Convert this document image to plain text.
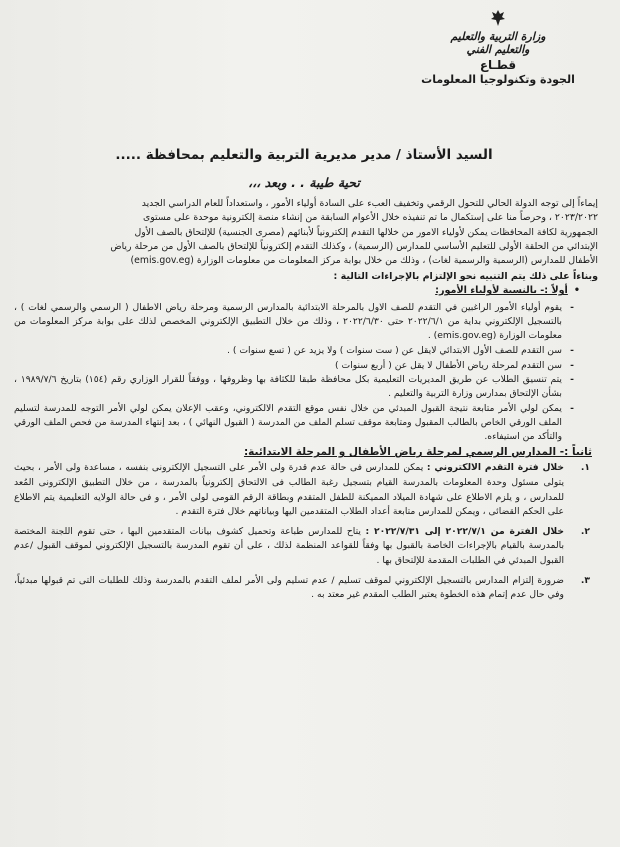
وزارة التربية والتعليم
والتعليم الفني
قطـاع
الجودة وتكنولوجيا المعلومات
السيد الأستاذ / مدير مديرية التربية والتعليم بمحافظة .....
تحية طيبة . . وبعد ،،،

إيماءاً إلى توجه الدولة الحالي للتحول الرقمي وتخفيف العبء على السادة أولياء الأمور ، واستعداداً للعام الدراسي الجديد

٢٠٢٣/٢٠٢٢ ، وحرصاً منا على إستكمال ما تم تنفيذه خلال الأعوام السابقة من إنشاء منصة إلكترونية موحدة على مستوى

الجمهورية لكافة المحافظات يمكن لأولياء الامور من خلالها التقدم إلكترونياً لأبنائهم (مصرى الجنسية) للإلتحاق بالصف الأول

الإبتدائي من الحلقة الأولى للتعليم الأساسي للمدارس (الرسمية) ، وكذلك التقدم إلكترونياً للإلتحاق بالصف الأول من مرحلة رياض

الأطفال للمدارس (الرسمية والرسمية لغات) ، وذلك من خلال بوابة مركز المعلومات من معلومات الوزارة (emis.gov.eg)

وبناءاً على ذلك يتم التنبيه نحو الإلتزام بالإجراءات التالية :
•أولاً :- بالنسبة لأولياء الأمور:
- يقوم أولياء الأمور الراغبين في التقدم للصف الاول بالمرحلة الابتدائية بالمدارس الرسمية ومرحلة رياض الاطفال ( الرسمي والرسمي لغات ) ، بالتسجيل الإلكتروني بداية من ٢٠٢٢/٦/١ حتى ٢٠٢٢/٦/٣٠ ، وذلك من خلال التطبيق الإلكتروني المخصص لذلك على بوابة مركز المعلومات من معلومات الوزارة (emis.gov.eg) .
- سن التقدم للصف الأول الابتدائي لايقل عن ( ست سنوات ) ولا يزيد عن ( تسع سنوات ) .
- سن التقدم لمرحلة رياض الأطفال لا يقل عن ( أربع سنوات )
- يتم تنسيق الطلاب عن طريق المديريات التعليمية بكل محافظة طبقا للكثافة بها وظروفها ، ووفقاً للقرار الوزاري رقم (١٥٤) بتاريخ ١٩٨٩/٧/٦ ، بشأن الإلتحاق بمدارس وزارة التربية والتعليم .
- يمكن لولي الأمر متابعة نتيجة القبول المبدئي من خلال نفس موقع التقدم الالكتروني، وعقب الإعلان يمكن لولي الأمر التوجه للمدرسة لتسليم الملف الورقي الخاص بالطالب المقبول ومتابعة موقف تسلم الملف من المدرسة ( القبول النهائي ) ، بعد إنتهاء المدرسة من فحص الملف الورقي والتأكد من استيفاءه.
ثانياً :- المدارس الرسمي لمرحلة رياض الأطفال و المرحلة الابتدائية:
١.
خلال فترة التقدم الالكتروني : يمكن للمدارس فى حالة عدم قدرة ولى الأمر على التسجيل الإلكترونى بنفسه ، مساعدة ولى الأمر ، بحيث يتولى مسئول وحدة المعلومات بالمدرسة القيام بتسجيل رغبة الطالب فى الالتحاق إلكترونياً بالمدرسة ، من خلال التطبيق الإلكترونى المُعد للمدارس ، و يلزم الاطلاع على شهادة الميلاد المميكنة للطفل المتقدم وبطاقة الرقم القومى لولى الأمر ، و فى حالة الولايه التعليمية يتم الاطلاع على الحكم القضائى ، ويمكن للمدارس متابعة أعداد الطلاب المتقدمين اليها وبياناتهم خلال فترة التقدم .
٢.
خلال الفترة من ٢٠٢٢/٧/١ إلى ٢٠٢٢/٧/٣١ : يتاح للمدارس طباعة وتحميل كشوف بيانات المتقدمين اليها ، حتى تقوم اللجنة المختصة بالمدرسة بالقيام بالإجراءات الخاصة بالقبول بها وفقاً للقواعد المنظمة لذلك ، على أن تقوم المدرسة بالتسجيل الإلكتروني لموقف القبول /عدم القبول المبدئي في الطلبات المقدمة للإلتحاق بها .
٣.
ضرورة إلتزام المدارس بالتسجيل الإلكتروني لموقف تسليم / عدم تسليم ولى الأمر لملف التقدم بالمدرسة وذلك للطلبات التى تم قبولها مبدئياً، وفي حال عدم إتمام هذه الخطوة يعتبر الطلب المقدم غير معتد به .
